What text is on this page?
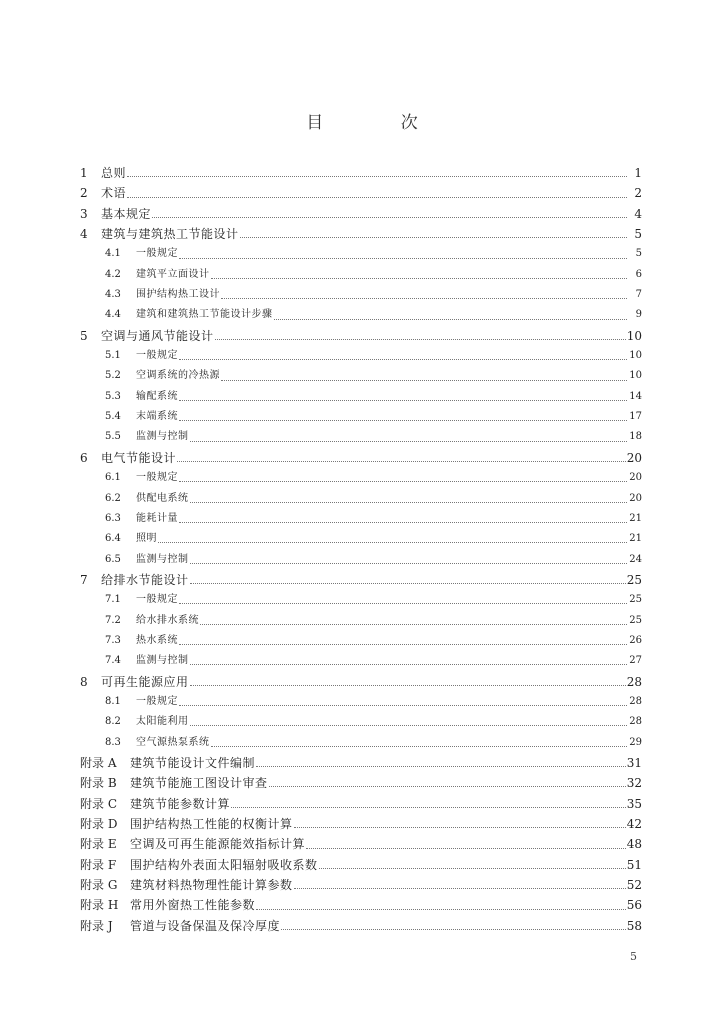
目 次
1	总则	1
2	术语	2
3	基本规定	4
4	建筑与建筑热工节能设计	5
4.1	一般规定	5
4.2	建筑平立面设计	6
4.3	围护结构热工设计	7
4.4	建筑和建筑热工节能设计步骤	9
5	空调与通风节能设计	10
5.1	一般规定	10
5.2	空调系统的冷热源	10
5.3	输配系统	14
5.4	末端系统	17
5.5	监测与控制	18
6	电气节能设计	20
6.1	一般规定	20
6.2	供配电系统	20
6.3	能耗计量	21
6.4	照明	21
6.5	监测与控制	24
7	给排水节能设计	25
7.1	一般规定	25
7.2	给水排水系统	25
7.3	热水系统	26
7.4	监测与控制	27
8	可再生能源应用	28
8.1	一般规定	28
8.2	太阳能利用	28
8.3	空气源热泵系统	29
附录 A	建筑节能设计文件编制	31
附录 B	建筑节能施工图设计审查	32
附录 C	建筑节能参数计算	35
附录 D	围护结构热工性能的权衡计算	42
附录 E	空调及可再生能源能效指标计算	48
附录 F	围护结构外表面太阳辐射吸收系数	51
附录 G	建筑材料热物理性能计算参数	52
附录 H 常用外窗热工性能参数	56
附录 J	管道与设备保温及保冷厚度	58
5
